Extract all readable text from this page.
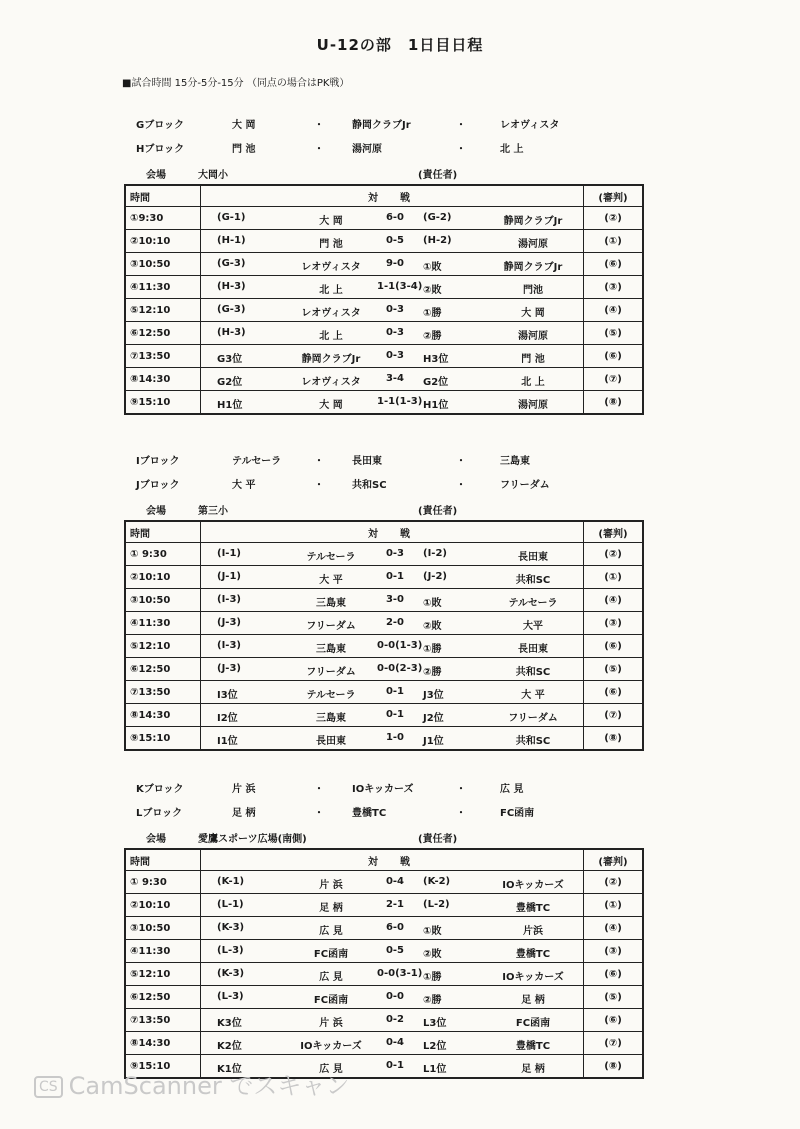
U-12の部　1日目日程
■試合時間 15分-5分-15分 （同点の場合はPK戦）
Gブロック	大 岡	・	静岡クラブJr	・	レオヴィスタ
Hブロック	門 池	・	湯河原	・	北 上
会場	大岡小	(責任者)
時間	対　戦	(審判)
①9:30	(G-1) 大 岡 6-0 (G-2) 静岡クラブJr	(②)
②10:10	(H-1) 門 池 0-5 (H-2) 湯河原	(①)
③10:50	(G-3) レオヴィスタ 9-0 ①敗 静岡クラブJr	(⑥)
④11:30	(H-3) 北 上 1-1(3-4) ②敗 門池	(③)
⑤12:10	(G-3) レオヴィスタ 0-3 ①勝 大 岡	(④)
⑥12:50	(H-3) 北 上 0-3 ②勝 湯河原	(⑤)
⑦13:50	G3位 静岡クラブJr 0-3 H3位 門 池	(⑥)
⑧14:30	G2位 レオヴィスタ 3-4 G2位 北 上	(⑦)
⑨15:10	H1位 大 岡 1-1(1-3) H1位 湯河原	(⑧)
Iブロック	テルセーラ	・	長田東	・	三島東
Jブロック	大 平	・	共和SC	・	フリーダム
会場	第三小	(責任者)
時間	対　戦	(審判)
① 9:30	(I-1) テルセーラ 0-3 (I-2) 長田東	(②)
②10:10	(J-1) 大 平 0-1 (J-2) 共和SC	(①)
③10:50	(I-3) 三島東 3-0 ①敗 テルセーラ	(④)
④11:30	(J-3) フリーダム 2-0 ②敗 大平	(③)
⑤12:10	(I-3) 三島東 0-0(1-3) ①勝 長田東	(⑥)
⑥12:50	(J-3) フリーダム 0-0(2-3) ②勝 共和SC	(⑤)
⑦13:50	I3位 テルセーラ 0-1 J3位 大 平	(⑥)
⑧14:30	I2位 三島東 0-1 J2位 フリーダム	(⑦)
⑨15:10	I1位 長田東 1-0 J1位 共和SC	(⑧)
Kブロック	片 浜	・	IOキッカーズ	・	広 見
Lブロック	足 柄	・	豊橋TC	・	FC函南
会場	愛鷹スポーツ広場(南側)	(責任者)
時間	対　戦	(審判)
① 9:30	(K-1) 片 浜 0-4 (K-2) IOキッカーズ	(②)
②10:10	(L-1) 足 柄 2-1 (L-2) 豊橋TC	(①)
③10:50	(K-3) 広 見 6-0 ①敗 片浜	(④)
④11:30	(L-3) FC函南 0-5 ②敗 豊橋TC	(③)
⑤12:10	(K-3) 広 見 0-0(3-1) ①勝 IOキッカーズ	(⑥)
⑥12:50	(L-3) FC函南 0-0 ②勝 足 柄	(⑤)
⑦13:50	K3位 片 浜 0-2 L3位 FC函南	(⑥)
⑧14:30	K2位 IOキッカーズ 0-4 L2位 豊橋TC	(⑦)
⑨15:10	K1位 広 見 0-1 L1位 足 柄	(⑧)
CS CamScanner でスキャン
